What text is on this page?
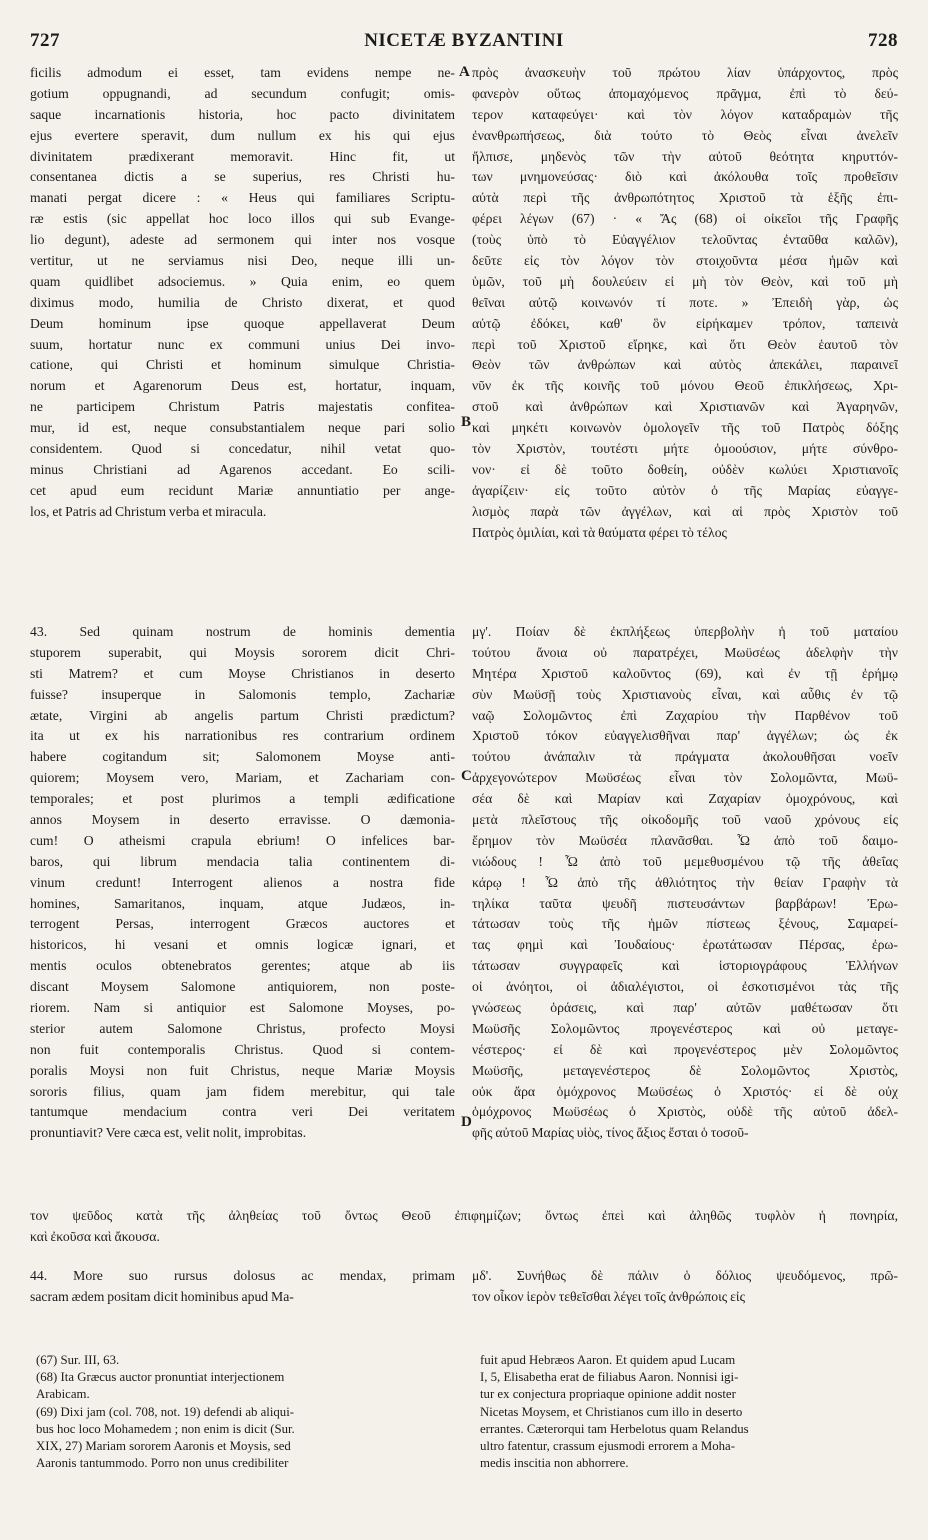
727	NICETÆ BYZANTINI	728
ficilis admodum ei esset, tam evidens nempe ne-
gotium oppugnandi, ad secundum confugit; omis-
saque incarnationis historia, hoc pacto divinitatem
ejus evertere speravit, dum nullum ex his qui ejus
divinitatem prædixerant memoravit. Hinc fit, ut
consentanea dictis a se superius, res Christi hu-
manati pergat dicere : « Heus qui familiares Scriptu-
ræ estis (sic appellat hoc loco illos qui sub Evange-
lio degunt), adeste ad sermonem qui inter nos vosque
vertitur, ut ne serviamus nisi Deo, neque illi un-
quam quidlibet adsociemus. » Quia enim, eo quem
diximus modo, humilia de Christo dixerat, et quod
Deum hominum ipse quoque appellaverat Deum
suum, hortatur nunc ex communi unius Dei invo-
catione, qui Christi et hominum simulque Christia-
norum et Agarenorum Deus est, hortatur, inquam,
ne participem Christum Patris majestatis confitea-
mur, id est, neque consubstantialem neque pari solio
considentem. Quod si concedatur, nihil vetat quo-
minus Christiani ad Agarenos accedant. Eo scili-
cet apud eum recidunt Mariæ annuntiatio per ange-
los, et Patris ad Christum verba et miracula.
πρὸς ἀνασκευὴν τοῦ πρώτου λίαν ὑπάρχοντος, πρὸς
φανερὸν οὕτως ἀπομαχόμενος πρᾶγμα, ἐπὶ τὸ δεύ-
τερον καταφεύγει· καὶ τὸν λόγον καταδραμὼν τῆς
ἐνανθρωπήσεως, διὰ τούτο τὸ Θεὸς εἶναι ἀνελεῖν
ἤλπισε, μηδενὸς τῶν τὴν αὐτοῦ θεότητα κηρυττόν-
των μνημονεύσας· διὸ καὶ ἀκόλουθα τοῖς προθεῖσιν
αὐτὰ περὶ τῆς ἀνθρωπότητος Χριστοῦ τὰ ἑξῆς ἐπι-
φέρει λέγων (67) · « Ἄς (68) οἱ οἰκεῖοι τῆς Γραφῆς
(τοὺς ὑπὸ τὸ Εὐαγγέλιον τελοῦντας ἐνταῦθα καλῶν),
δεῦτε εἰς τὸν λόγον τὸν στοιχοῦντα μέσα ἡμῶν καὶ
ὑμῶν, τοῦ μὴ δουλεύειν εἰ μὴ τὸν Θεὸν, καὶ τοῦ μὴ
θεῖναι αὐτῷ κοινωνόν τί ποτε. » Ἐπειδὴ γὰρ, ὡς
αὐτῷ ἐδόκει, καθ' ὃν εἰρήκαμεν τρόπον, ταπεινὰ
περὶ τοῦ Χριστοῦ εἴρηκε, καὶ ὅτι Θεὸν ἑαυτοῦ τὸν
Θεὸν τῶν ἀνθρώπων καὶ αὐτὸς ἀπεκάλει, παραινεῖ
νῦν ἐκ τῆς κοινῆς τοῦ μόνου Θεοῦ ἐπικλήσεως, Χρι-
στοῦ καὶ ἀνθρώπων καὶ Χριστιανῶν καὶ Ἀγαρηνῶν,
καὶ μηκέτι κοινωνὸν ὁμολογεῖν τῆς τοῦ Πατρὸς δόξης
τὸν Χριστὸν, τουτέστι μήτε ὁμοούσιον, μήτε σύνθρο-
νον· εἰ δὲ τοῦτο δοθείη, οὐδὲν κωλύει Χριστιανοῖς
ἀγαρίζειν· εἰς τοῦτο αὐτὸν ὁ τῆς Μαρίας εὐαγγε-
λισμὸς παρὰ τῶν ἀγγέλων, καὶ αἱ πρὸς Χριστὸν τοῦ
Πατρὸς ὁμιλίαι, καὶ τὰ θαύματα φέρει τὸ τέλος
43. Sed quinam nostrum de hominis dementia
stuporem superabit, qui Moysis sororem dicit Chri-
sti Matrem? et cum Moyse Christianos in deserto
fuisse? insuperque in Salomonis templo, Zachariæ
ætate, Virgini ab angelis partum Christi prædictum?
ita ut ex his narrationibus res contrarium ordinem
habere cogitandum sit; Salomonem Moyse anti-
quiorem; Moysem vero, Mariam, et Zachariam con-
temporales; et post plurimos a templi ædificatione
annos Moysem in deserto erravisse. O dæmonia-
cum! O atheismi crapula ebrium! O infelices bar-
baros, qui librum mendacia talia continentem di-
vinum credunt! Interrogent alienos a nostra fide
homines, Samaritanos, inquam, atque Judæos, in-
terrogent Persas, interrogent Græcos auctores et
historicos, hi vesani et omnis logicæ ignari, et
mentis oculos obtenebratos gerentes; atque ab iis
discant Moysem Salomone antiquiorem, non poste-
riorem. Nam si antiquior est Salomone Moyses, po-
sterior autem Salomone Christus, profecto Moysi
non fuit contemporalis Christus. Quod si contem-
poralis Moysi non fuit Christus, neque Mariæ Moysis
sororis filius, quam jam fidem merebitur, qui tale
tantumque mendacium contra veri Dei veritatem
pronuntiavit? Vere cæca est, velit nolit, improbitas.
μγ'. Ποίαν δὲ ἐκπλήξεως ὑπερβολὴν ἡ τοῦ ματαίου
τούτου ἄνοια οὐ παρατρέχει, Μωϋσέως ἀδελφὴν τὴν
Μητέρα Χριστοῦ καλοῦντος (69), καὶ ἐν τῇ ἐρήμῳ
σὺν Μωϋσῇ τοὺς Χριστιανοὺς εἶναι, καὶ αὖθις ἐν τῷ
ναῷ Σολομῶντος ἐπὶ Ζαχαρίου τὴν Παρθένον τοῦ
Χριστοῦ τόκον εὐαγγελισθῆναι παρ' ἀγγέλων; ὡς ἐκ
τούτου ἀνάπαλιν τὰ πράγματα ἀκολουθῆσαι νοεῖν
ἀρχεγονώτερον Μωϋσέως εἶναι τὸν Σολομῶντα, Μωϋ-
σέα δὲ καὶ Μαρίαν καὶ Ζαχαρίαν ὁμοχρόνους, καὶ
μετὰ πλεῖστους τῆς οἰκοδομῆς τοῦ ναοῦ χρόνους εἰς
ἔρημον τὸν Μωϋσέα πλανᾶσθαι. Ὦ ἀπὸ τοῦ δαιμο-
νιώδους ! Ὦ ἀπὸ τοῦ μεμεθυσμένου τῷ τῆς ἀθεΐας
κάρῳ ! Ὦ ἀπὸ τῆς ἀθλιότητος τὴν θείαν Γραφὴν τὰ
τηλίκα ταῦτα ψευδῆ πιστευσάντων βαρβάρων! Ἐρω-
τάτωσαν τοὺς τῆς ἡμῶν πίστεως ξένους, Σαμαρεί-
τας φημὶ καὶ Ἰουδαίους· ἐρωτάτωσαν Πέρσας, ἐρω-
τάτωσαν συγγραφεῖς καὶ ἱστοριογράφους Ἑλλήνων
οἱ ἀνόητοι, οἱ ἀδιαλέγιστοι, οἱ ἐσκοτισμένοι τὰς τῆς
γνώσεως ὁράσεις, καὶ παρ' αὐτῶν μαθέτωσαν ὅτι
Μωϋσῆς Σολομῶντος προγενέστερος καὶ οὐ μεταγε-
νέστερος· εἰ δὲ καὶ προγενέστερος μὲν Σολομῶντος
Μωϋσῆς, μεταγενέστερος δὲ Σολομῶντος Χριστὸς,
οὐκ ἄρα ὁμόχρονος Μωϋσέως ὁ Χριστός· εἰ δὲ οὐχ
ὁμόχρονος Μωϋσέως ὁ Χριστὸς, οὐδὲ τῆς αὐτοῦ ἀδελ-
φῆς αὐτοῦ Μαρίας υἱὸς, τίνος ἄξιος ἔσται ὁ τοσοῦ-
τον ψεῦδος κατὰ τῆς ἀληθείας τοῦ ὄντως Θεοῦ ἐπιφημίζων; ὄντως ἐπεὶ καὶ ἀληθῶς τυφλὸν ἡ πονηρία,
καὶ ἐκοῦσα καὶ ἄκουσα.
44. More suo rursus dolosus ac mendax, primam
sacram ædem positam dicit hominibus apud Ma-
μδ'. Συνήθως δὲ πάλιν ὁ δόλιος ψευδόμενος, πρῶ-
τον οἶκον ἱερὸν τεθεῖσθαι λέγει τοῖς ἀνθρώποις εἰς
A
B
C
D
(67) Sur. III, 63.
(68) Ita Græcus auctor pronuntiat interjectionem
Arabicam.
(69) Dixi jam (col. 708, not. 19) defendi ab aliqui-
bus hoc loco Mohamedem ; non enim is dicit (Sur.
XIX, 27) Mariam sororem Aaronis et Moysis, sed
Aaronis tantummodo. Porro non unus credibiliter
fuit apud Hebræos Aaron. Et quidem apud Lucam
I, 5, Elisabetha erat de filiabus Aaron. Nonnisi igi-
tur ex conjectura propriaque opinione addit noster
Nicetas Moysem, et Christianos cum illo in deserto
errantes. Cæterorqui tam Herbelotus quam Relandus
ultro fatentur, crassum ejusmodi errorem a Moha-
medis inscitia non abhorrere.
